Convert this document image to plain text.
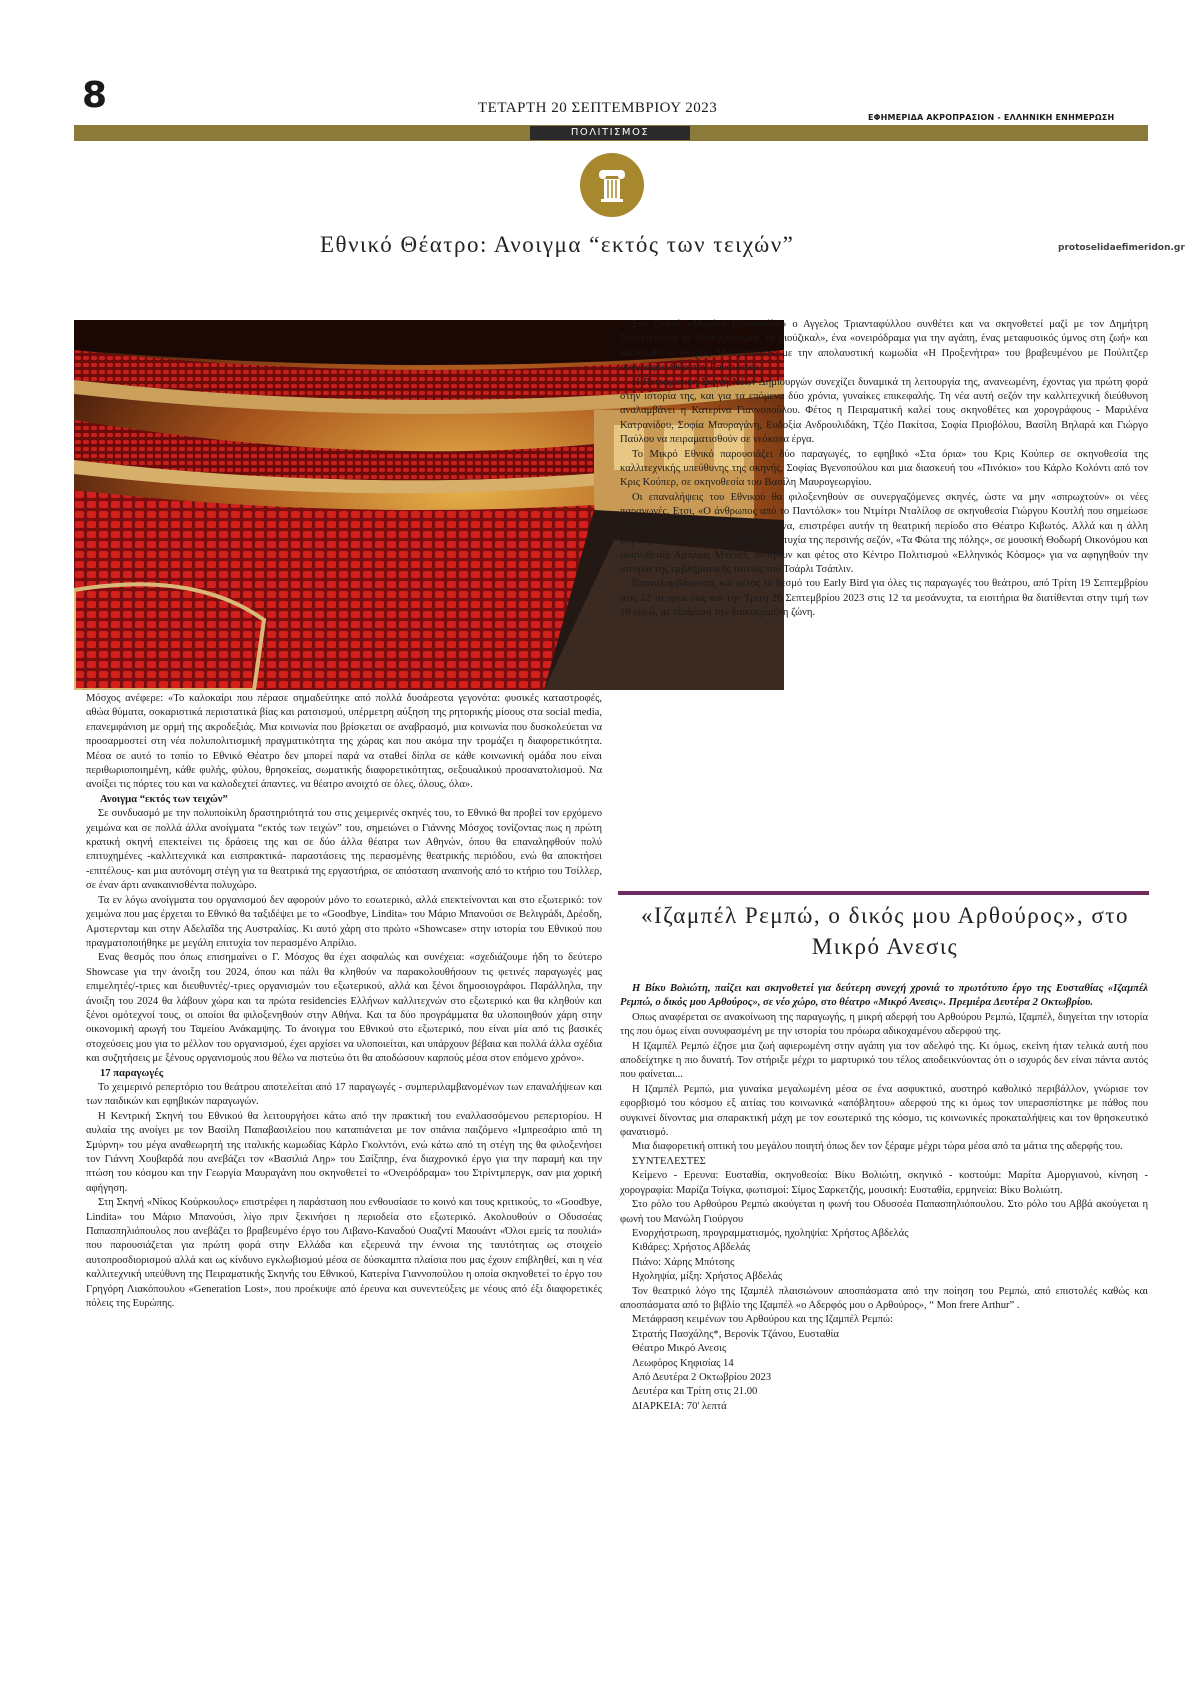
8	ΤΕΤΑΡΤΗ 20 ΣΕΠΤΕΜΒΡΙΟΥ 2023
ΕΦΗΜΕΡΙΔΑ ΑΚΡΟΠΡΑΣΙΟΝ - ΕΛΛΗΝΙΚΗ ΕΝΗΜΕΡΩΣΗ
ΠΟΛΙΤΙΣΜΟΣ
Εθνικό Θέατρο: Ανοιγμα “εκτός των τειχών”	protoselidaefimeridon.gr

Στη Σκηνή «Μαρίκα Κοτοπούλη» ο Αγγελος Τριανταφύλλου συνθέτει και να σκηνοθετεί μαζί με τον Δημήτρη Σταυρόπουλο το «Ευαγγελισμός, το μιούζικαλ», ένα «ονειρόδραμα για την αγάπη, ένας μεταφυσικός ύμνος στη ζωή» και ακολουθεί ο Θωμάς Μοσχόπουλος με την απολαυστική κωμωδία «Η Προξενήτρα» του βραβευμένου με Πούλιτζερ συγγραφέα Θόρντον Γουάιλντερ.

Η Πειραματική Σκηνή Νέων Δημιουργών συνεχίζει δυναμικά τη λειτουργία της, ανανεωμένη, έχοντας για πρώτη φορά στην ιστορία της, και για τα επόμενα δύο χρόνια, γυναίκες επικεφαλής. Τη νέα αυτή σεζόν την καλλιτεχνική διεύθυνση αναλαμβάνει η Κατερίνα Γιαννοπούλου. Φέτος η Πειραματική καλεί τους σκηνοθέτες και χορογράφους - Μαριλένα Κατρανίδου, Σοφία Μαυραγάνη, Ευδοξία Ανδρουλιδάκη, Τζέο Πακίτσα, Σοφία Πριοβόλου, Βασίλη Βηλαρά και Γιώργο Παύλου να πειραματισθούν σε νεόκοπα έργα.

Το Μικρό Εθνικό παρουσιάζει δύο παραγωγές, το εφηβικό «Στα όρια» του Κρις Κούπερ σε σκηνοθεσία της καλλιτεχνικής υπεύθυνης της σκηνής, Σοφίας Βγενοπούλου και μια διασκευή του «Πινόκιο» του Κάρλο Κολόντι από τον Κρις Κούπερ, σε σκηνοθεσία του Βασίλη Μαυρογεωργίου.

Οι επαναλήψεις του Εθνικού θα φιλοξενηθούν σε συνεργαζόμενες σκηνές, ώστε να μην «σπρωχτούν» οι νέες παραγωγές. Ετσι, «Ο άνθρωπος από το Παντόλσκ» του Ντμίτρι Νταλίλοφ σε σκηνοθεσία Γιώργου Κουτλή που σημείωσε διαδοχικά sold out πέρυσι τον χειμώνα, επιστρέφει αυτήν τη θεατρική περίοδο στο Θέατρο Κιβωτός. Αλλά και η άλλη μεγάλη καλλιτεχνική και εμπορική επιτυχία της περσινής σεζόν, «Τα Φώτα της πόλης», σε μουσική Θοδωρή Οικονόμου και σκηνοθεσία Αμάλιας Μπένετ, ανοίγουν και φέτος στο Κέντρο Πολιτισμού «Ελληνικός Κόσμος» για να αφηγηθούν την ιστορία της εμβληματικής ταινίας του Τσάρλι Τσάπλιν.

Επαναλαμβάνοντας και φέτος το θεσμό του Early Bird για όλες τις παραγωγές του θεάτρου, από Τρίτη 19 Σεπτεμβρίου στις 12 το πρωί έως και την Τρίτη 26 Σεπτεμβρίου 2023 στις 12 τα μεσάνυχτα, τα εισιτήρια θα διατίθενται στην τιμή των 10 ευρώ, με εξαίρεση την διακεκριμένη ζώνη.

Μόσχος ανέφερε: «Το καλοκαίρι που πέρασε σημαδεύτηκε από πολλά δυσάρεστα γεγονότα: φυσικές καταστροφές, αθώα θύματα, σοκαριστικά περιστατικά βίας και ρατσισμού, υπέρμετρη αύξηση της ρητορικής μίσους στα social media, επανεμφάνιση με ορμή της ακροδεξιάς. Μια κοινωνία που βρίσκεται σε αναβρασμό, μια κοινωνία που δυσκολεύεται να προσαρμοστεί στη νέα πολυπολιτισμική πραγματικότητα της χώρας και που ακόμα την τρομάζει η διαφορετικότητα. Μέσα σε αυτό το τοπίο το Εθνικό Θέατρο δεν μπορεί παρά να σταθεί δίπλα σε κάθε κοινωνική ομάδα που είναι περιθωριοποιημένη, κάθε φυλής, φύλου, θρησκείας, σωματικής διαφορετικότητας, σεξουαλικού προσανατολισμού. Να ανοίξει τις πόρτες του και να καλοδεχτεί άπαντες. να θέατρο ανοιχτό σε όλες, όλους, όλα».

Ανοιγμα “εκτός των τειχών”

Σε συνδυασμό με την πολυποίκιλη δραστηριότητά του στις χειμερινές σκηνές του, το Εθνικό θα προβεί τον ερχόμενο χειμώνα και σε πολλά άλλα ανοίγματα “εκτός των τειχών” του, σημειώνει ο Γιάννης Μόσχος τονίζοντας πως η πρώτη κρατική σκηνή επεκτείνει τις δράσεις της και σε δύο άλλα θέατρα των Αθηνών, όπου θα επαναληφθούν πολύ επιτυχημένες -καλλιτεχνικά και εισπρακτικά- παραστάσεις της περασμένης θεατρικής περιόδου, ενώ θα αποκτήσει -επιτέλους- και μια αυτόνομη στέγη για τα θεατρικά της εργαστήρια, σε απόσταση αναπνοής από το κτήριο του Τσίλλερ, σε έναν άρτι ανακαινισθέντα πολυχώρο.

Τα εν λόγω ανοίγματα του οργανισμού δεν αφορούν μόνο το εσωτερικό, αλλά επεκτείνονται και στο εξωτερικό: τον χειμώνα που μας έρχεται το Εθνικό θα ταξιδέψει με το «Goodbye, Lindita» του Μάριο Μπανούσι σε Βελιγράδι, Δρέσδη, Αμστερνταμ και στην Αδελαΐδα της Αυστραλίας. Κι αυτό χάρη στο πρώτο «Showcase» στην ιστορία του Εθνικού που πραγματοποιήθηκε με μεγάλη επιτυχία τον περασμένο Απρίλιο.

Ενας θεσμός που όπως επισημαίνει ο Γ. Μόσχος θα έχει ασφαλώς και συνέχεια: «σχεδιάζουμε ήδη το δεύτερο Showcase για την άνοιξη του 2024, όπου και πάλι θα κληθούν να παρακολουθήσουν τις φετινές παραγωγές μας επιμελητές/-τριες και διευθυντές/-τριες οργανισμών του εξωτερικού, αλλά και ξένοι δημοσιογράφοι. Παράλληλα, την άνοιξη του 2024 θα λάβουν χώρα και τα πρώτα residencies Ελλήνων καλλιτεχνών στο εξωτερικό και θα κληθούν και ξένοι ομότεχνοί τους, οι οποίοι θα φιλοξενηθούν στην Αθήνα. Και τα δύο προγράμματα θα υλοποιηθούν χάρη στην οικονομική αρωγή του Ταμείου Ανάκαμψης. Το άνοιγμα του Εθνικού στο εξωτερικό, που είναι μία από τις βασικές στοχεύσεις μου για το μέλλον του οργανισμού, έχει αρχίσει να υλοποιείται, και υπάρχουν βέβαια και πολλά άλλα σχέδια και συζητήσεις με ξένους οργανισμούς που θέλω να πιστεύω ότι θα αποδώσουν καρπούς μέσα στον επόμενο χρόνο».

17 παραγωγές

Το χειμερινό ρεπερτόριο του θεάτρου αποτελείται από 17 παραγωγές - συμπεριλαμβανομένων των επαναλήψεων και των παιδικών και εφηβικών παραγωγών.

Η Κεντρική Σκηνή του Εθνικού θα λειτουργήσει κάτω από την πρακτική του εναλλασσόμενου ρεπερτορίου. Η αυλαία της ανοίγει με τον Βασίλη Παπαβασιλείου που καταπιάνεται με τον σπάνια παιζόμενο «Ιμπρεσάριο από τη Σμύρνη» του μέγα αναθεωρητή της ιταλικής κωμωδίας Κάρλο Γκολντόνι, ενώ κάτω από τη στέγη της θα φιλοξενήσει τον Γιάννη Χουβαρδά που ανεβάζει τον «Βασιλιά Ληρ» του Σαίξπηρ, ένα διαχρονικό έργο για την παραμή και την πτώση του κόσμου και την Γεωργία Μαυραγάνη που σκηνοθετεί το «Ονειρόδραμα» του Στρίντμπεργκ, σαν μια χορική αφήγηση.

Στη Σκηνή «Νίκος Κούρκουλος» επιστρέφει η παράσταση που ενθουσίασε το κοινό και τους κριτικούς, το «Goodbye, Lindita» του Μάριο Μπανούσι, λίγο πριν ξεκινήσει η περιοδεία στο εξωτερικό. Ακολουθούν ο Οδυσσέας Παπασπηλιόπουλος που ανεβάζει το βραβευμένο έργο του Λιβανο-Καναδού Ουαζντί Μαουάντ «Όλοι εμείς τα πουλιά» που παρουσιάζεται για πρώτη φορά στην Ελλάδα και εξερευνά την έννοια της ταυτότητας ως στοιχείο αυτοπροσδιορισμού αλλά και ως κίνδυνο εγκλωβισμού μέσα σε δύσκαμπτα πλαίσια που μας έχουν επιβληθεί, και η νέα καλλιτεχνική υπεύθυνη της Πειραματικής Σκηνής του Εθνικού, Κατερίνα Γιαννοπούλου η οποία σκηνοθετεί το έργο του Γρηγόρη Λιακόπουλου «Generation Lost», που προέκυψε από έρευνα και συνεντεύξεις με νέους από έξι διαφορετικές πόλεις της Ευρώπης.

«Ιζαμπέλ Ρεμπώ, ο δικός μου Αρθούρος», στο Μικρό Ανεσις

Η Βίκυ Βολιώτη, παίζει και σκηνοθετεί για δεύτερη συνεχή χρονιά το πρωτότυπο έργο της Ευσταθίας «Ιζαμπέλ Ρεμπώ, ο δικός μου Αρθούρος», σε νέο χώρο, στο θέατρο «Μικρό Ανεσις». Πρεμιέρα Δευτέρα 2 Οκτωβρίου.

Οπως αναφέρεται σε ανακοίνωση της παραγωγής, η μικρή αδερφή του Αρθούρου Ρεμπώ, Ιζαμπέλ, διηγείται την ιστορία της που όμως είναι συνυφασμένη με την ιστορία του πρόωρα αδικοχαμένου αδερφού της.

Η Ιζαμπέλ Ρεμπώ έζησε μια ζωή αφιερωμένη στην αγάπη για τον αδελφό της. Κι όμως, εκείνη ήταν τελικά αυτή που αποδείχτηκε η πιο δυνατή. Τον στήριξε μέχρι το μαρτυρικό του τέλος αποδεικνύοντας ότι ο ισχυρός δεν είναι πάντα αυτός που φαίνεται...

Η Ιζαμπέλ Ρεμπώ, μια γυναίκα μεγαλωμένη μέσα σε ένα ασφυκτικό, αυστηρό καθολικό περιβάλλον, γνώρισε τον εφορβισμό του κόσμου εξ αιτίας του κοινωνικά «απόβλητου» αδερφού της κι όμως τον υπερασπίστηκε με πάθος που συγκινεί δίνοντας μια σπαρακτική μάχη με τον εσωτερικό της κόσμο, τις κοινωνικές προκαταλήψεις και τον θρησκευτικό φανατισμό.

Μια διαφορετική οπτική του μεγάλου ποιητή όπως δεν τον ξέραμε μέχρι τώρα μέσα από τα μάτια της αδερφής του.

ΣΥΝΤΕΛΕΣΤΕΣ

Κείμενο - Ερευνα: Ευσταθία, σκηνοθεσία: Βίκυ Βολιώτη, σκηνικό - κοστούμι: Μαρίτα Αμοργιανού, κίνηση - χορογραφία: Μαρίζα Τσίγκα, φωτισμοί: Σίμος Σαρκετζής, μουσική: Ευσταθία, ερμηνεία: Βίκυ Βολιώτη.

Στο ρόλο του Αρθούρου Ρεμπώ ακούγεται η φωνή του Οδυσσέα Παπασπηλιόπουλου. Στο ρόλο του Αββά ακούγεται η φωνή του Μανώλη Γιούργου

Ενορχήστρωση, προγραμματισμός, ηχοληψία: Χρήστος Αβδελάς

Κιθάρες: Χρήστος Αβδελάς

Πιάνο: Χάρης Μπότσης

Ηχοληψία, μίξη: Χρήστος Αβδελάς

Τον θεατρικό λόγο της Ιζαμπέλ πλαισιώνουν αποσπάσματα από την ποίηση του Ρεμπώ, από επιστολές καθώς και αποσπάσματα από το βιβλίο της Ιζαμπέλ «ο Αδερφός μου ο Αρθούρος», “ Mon frere Arthur” .

Μετάφραση κειμένων του Αρθούρου και της Ιζαμπέλ Ρεμπώ:

Στρατής Πασχάλης*, Βερονίκ Τζάνου, Ευσταθία

Θέατρο Μικρό Ανεσις

Λεωφόρος Κηφισίας 14

Από Δευτέρα 2 Οκτωβρίου 2023

Δευτέρα και Τρίτη στις 21.00

ΔΙΑΡΚΕΙΑ: 70' λεπτά
